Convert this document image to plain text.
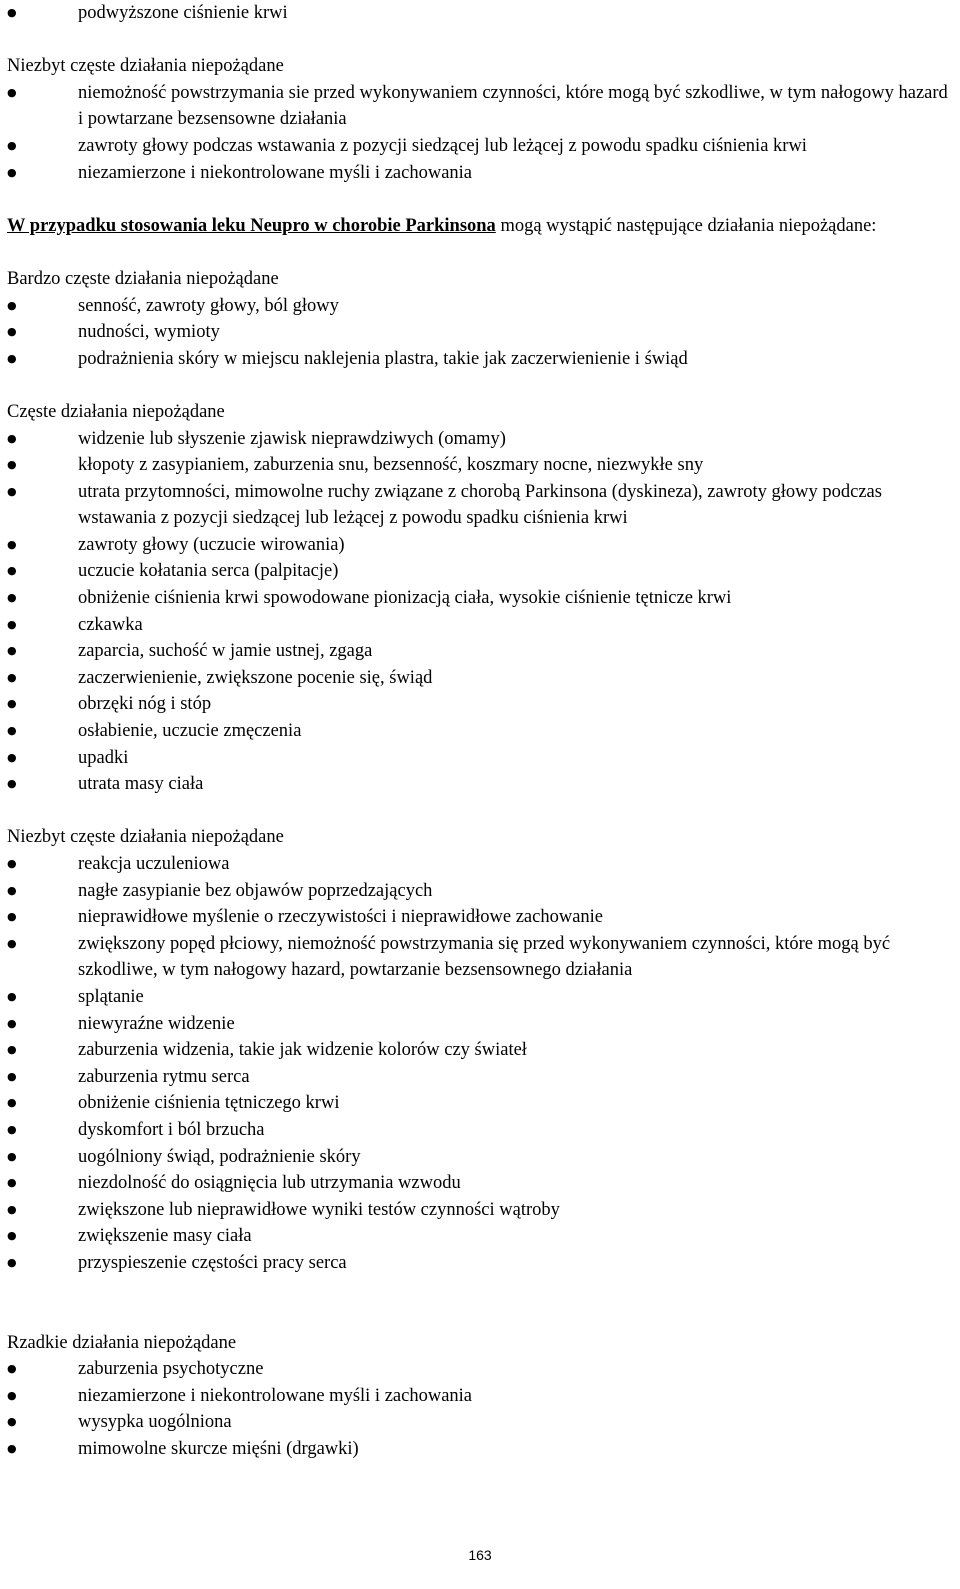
●	podwyższone ciśnienie krwi

Niezbyt częste działania niepożądane

●	niemożność powstrzymania sie przed wykonywaniem czynności, które mogą być szkodliwe, w tym nałogowy hazard i powtarzane bezsensowne działania
●	zawroty głowy podczas wstawania z pozycji siedzącej lub leżącej z powodu spadku ciśnienia krwi
●	niezamierzone i niekontrolowane myśli i zachowania

W przypadku stosowania leku Neupro w chorobie Parkinsona mogą wystąpić następujące działania niepożądane:

Bardzo częste działania niepożądane

●	senność, zawroty głowy, ból głowy
●	nudności, wymioty
●	podrażnienia skóry w miejscu naklejenia plastra, takie jak zaczerwienienie i świąd

Częste działania niepożądane

●	widzenie lub słyszenie zjawisk nieprawdziwych (omamy)
●	kłopoty z zasypianiem, zaburzenia snu, bezsenność, koszmary nocne, niezwykłe sny
●	utrata przytomności, mimowolne ruchy związane z chorobą Parkinsona (dyskineza), zawroty głowy podczas wstawania z pozycji siedzącej lub leżącej z powodu spadku ciśnienia krwi
●	zawroty głowy (uczucie wirowania)
●	uczucie kołatania serca (palpitacje)
●	obniżenie ciśnienia krwi spowodowane pionizacją ciała, wysokie ciśnienie tętnicze krwi
●	czkawka
●	zaparcia, suchość w jamie ustnej, zgaga
●	zaczerwienienie, zwiększone pocenie się, świąd
●	obrzęki nóg i stóp
●	osłabienie, uczucie zmęczenia
●	upadki
●	utrata masy ciała

Niezbyt częste działania niepożądane

●	reakcja uczuleniowa
●	nagłe zasypianie bez objawów poprzedzających
●	nieprawidłowe myślenie o rzeczywistości i nieprawidłowe zachowanie
●	zwiększony popęd płciowy, niemożność powstrzymania się przed wykonywaniem czynności, które mogą być szkodliwe, w tym nałogowy hazard, powtarzanie bezsensownego działania
●	splątanie
●	niewyraźne widzenie
●	zaburzenia widzenia, takie jak widzenie kolorów czy świateł
●	zaburzenia rytmu serca
●	obniżenie ciśnienia tętniczego krwi
●	dyskomfort i ból brzucha
●	uogólniony świąd, podrażnienie skóry
●	niezdolność do osiągnięcia lub utrzymania wzwodu
●	zwiększone lub nieprawidłowe wyniki testów czynności wątroby
●	zwiększenie masy ciała
●	przyspieszenie częstości pracy serca

Rzadkie działania niepożądane

●	zaburzenia psychotyczne
●	niezamierzone i niekontrolowane myśli i zachowania
●	wysypka uogólniona
●	mimowolne skurcze mięśni (drgawki)
163
